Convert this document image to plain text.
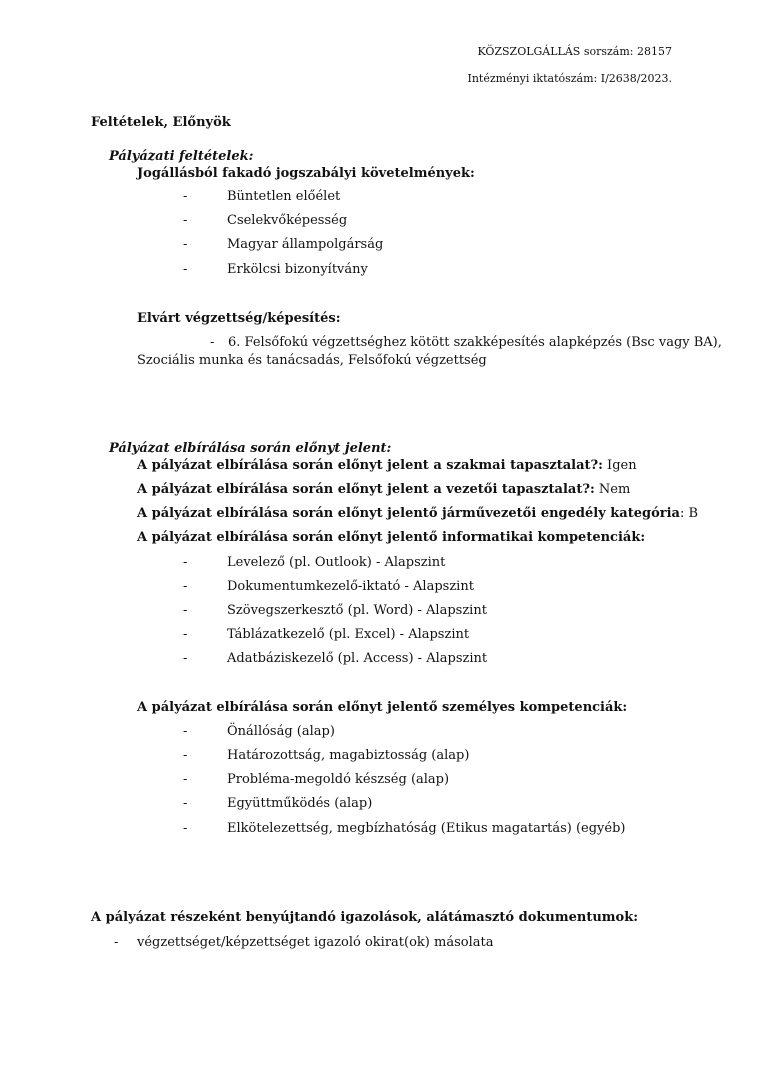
KÖZSZOLGÁLLÁS sorszám: 28157
Intézményi iktatószám: I/2638/2023.
Feltételek, Előnyök
Pályázati feltételek:
Jogállásból fakadó jogszabályi követelmények:
-	Büntetlen előélet
-	Cselekvőképesség
-	Magyar állampolgárság
-	Erkölcsi bizonyítvány
Elvárt végzettség/képesítés:
- 6. Felsőfokú végzettséghez kötött szakképesítés alapképzés (Bsc vagy BA),
Szociális munka és tanácsadás, Felsőfokú végzettség
Pályázat elbírálása során előnyt jelent:
A pályázat elbírálása során előnyt jelent a szakmai tapasztalat?: Igen
A pályázat elbírálása során előnyt jelent a vezetői tapasztalat?: Nem
A pályázat elbírálása során előnyt jelentő járművezetői engedély kategória: B
A pályázat elbírálása során előnyt jelentő informatikai kompetenciák:
-	Levelező (pl. Outlook) - Alapszint
-	Dokumentumkezelő-iktató - Alapszint
-	Szövegszerkesztő (pl. Word) - Alapszint
-	Táblázatkezelő (pl. Excel) - Alapszint
-	Adatbáziskezelő (pl. Access) - Alapszint
A pályázat elbírálása során előnyt jelentő személyes kompetenciák:
-	Önállóság (alap)
-	Határozottság, magabiztosság (alap)
-	Probléma-megoldó készség (alap)
-	Együttműködés (alap)
-	Elkötelezettség, megbízhatóság (Etikus magatartás) (egyéb)
A pályázat részeként benyújtandó igazolások, alátámasztó dokumentumok:
- végzettséget/képzettséget igazoló okirat(ok) másolata
